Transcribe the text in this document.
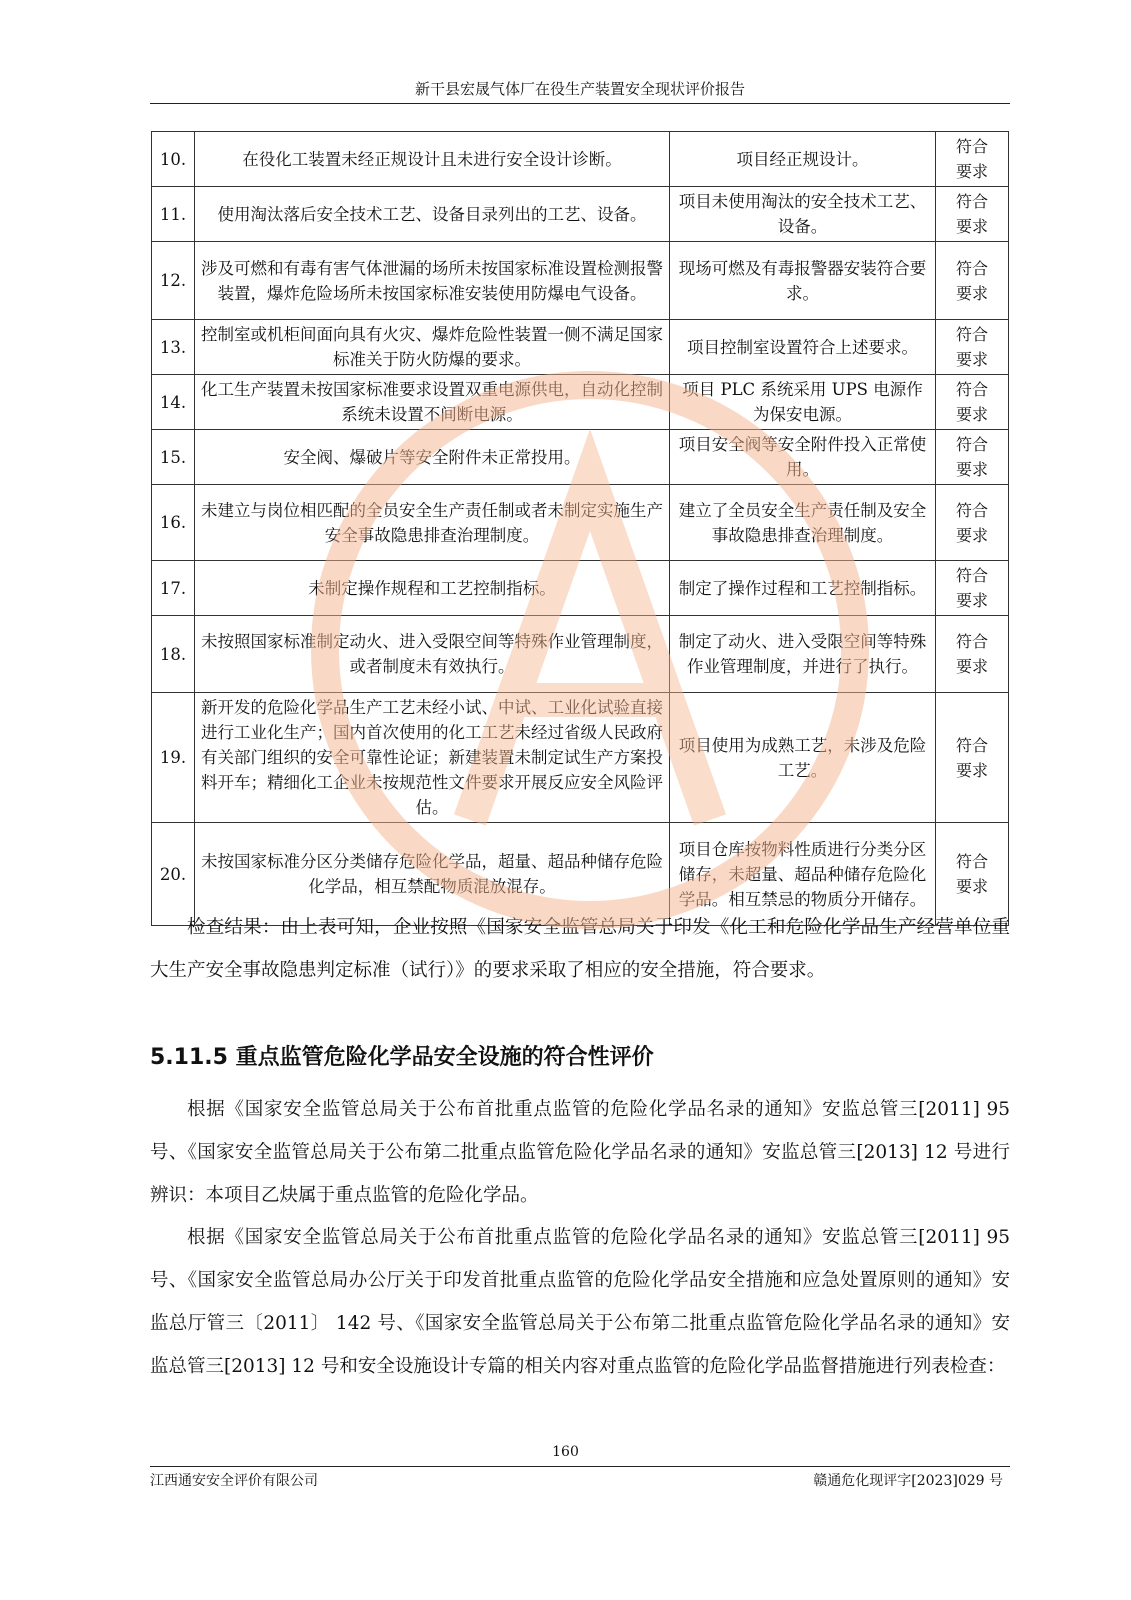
新干县宏晟气体厂在役生产装置安全现状评价报告
10.	在役化工装置未经正规设计且未进行安全设计诊断。	项目经正规设计。	符合
要求
11.	使用淘汰落后安全技术工艺、设备目录列出的工艺、设备。	项目未使用淘汰的安全技术工艺、设备。	符合
要求
12.	涉及可燃和有毒有害气体泄漏的场所未按国家标准设置检测报警装置，爆炸危险场所未按国家标准安装使用防爆电气设备。	现场可燃及有毒报警器安装符合要求。	符合
要求
13.	控制室或机柜间面向具有火灾、爆炸危险性装置一侧不满足国家标准关于防火防爆的要求。	项目控制室设置符合上述要求。	符合
要求
14.	化工生产装置未按国家标准要求设置双重电源供电，自动化控制系统未设置不间断电源。	项目 PLC 系统采用 UPS 电源作为保安电源。	符合
要求
15.	安全阀、爆破片等安全附件未正常投用。	项目安全阀等安全附件投入正常使用。	符合
要求
16.	未建立与岗位相匹配的全员安全生产责任制或者未制定实施生产安全事故隐患排查治理制度。	建立了全员安全生产责任制及安全事故隐患排查治理制度。	符合
要求
17.	未制定操作规程和工艺控制指标。	制定了操作过程和工艺控制指标。	符合
要求
18.	未按照国家标准制定动火、进入受限空间等特殊作业管理制度，或者制度未有效执行。	制定了动火、进入受限空间等特殊作业管理制度，并进行了执行。	符合
要求
19.	新开发的危险化学品生产工艺未经小试、中试、工业化试验直接进行工业化生产；国内首次使用的化工工艺未经过省级人民政府有关部门组织的安全可靠性论证；新建装置未制定试生产方案投料开车；精细化工企业未按规范性文件要求开展反应安全风险评估。	项目使用为成熟工艺，未涉及危险工艺。	符合
要求
20.	未按国家标准分区分类储存危险化学品，超量、超品种储存危险化学品，相互禁配物质混放混存。	项目仓库按物料性质进行分类分区储存，未超量、超品种储存危险化学品。相互禁忌的物质分开储存。	符合
要求
检查结果：由上表可知，企业按照《国家安全监管总局关于印发《化工和危险化学品生产经营单位重大生产安全事故隐患判定标准（试行）》的要求采取了相应的安全措施，符合要求。
5.11.5 重点监管危险化学品安全设施的符合性评价
根据《国家安全监管总局关于公布首批重点监管的危险化学品名录的通知》安监总管三[2011] 95 号、《国家安全监管总局关于公布第二批重点监管危险化学品名录的通知》安监总管三[2013] 12 号进行辨识：本项目乙炔属于重点监管的危险化学品。
根据《国家安全监管总局关于公布首批重点监管的危险化学品名录的通知》安监总管三[2011] 95 号、《国家安全监管总局办公厅关于印发首批重点监管的危险化学品安全措施和应急处置原则的通知》安监总厅管三〔2011〕 142 号、《国家安全监管总局关于公布第二批重点监管危险化学品名录的通知》安监总管三[2013] 12 号和安全设施设计专篇的相关内容对重点监管的危险化学品监督措施进行列表检查：
160
江西通安安全评价有限公司	赣通危化现评字[2023]029 号
